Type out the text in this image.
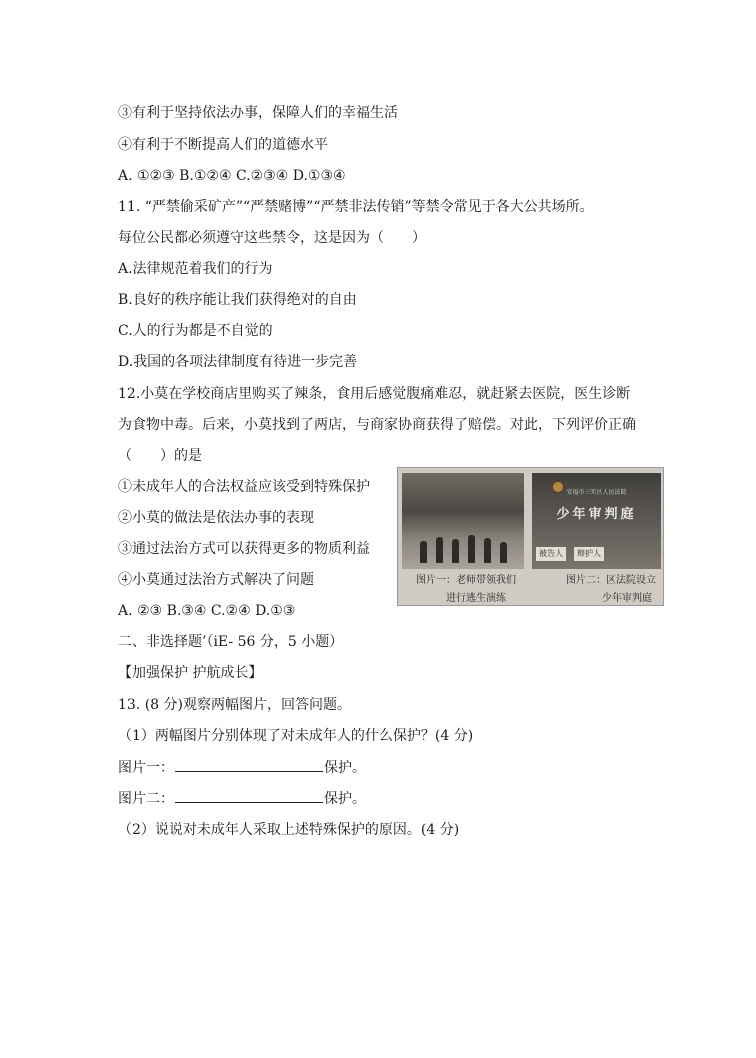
③有利于坚持依法办事，保障人们的幸福生活
④有利于不断提高人们的道德水平
A. ①②③ B.①②④ C.②③④ D.①③④
11. “严禁偷采矿产”“严禁赌博”“严禁非法传销”等禁令常见于各大公共场所。
每位公民都必须遵守这些禁令，这是因为（　　）
A.法律规范着我们的行为
B.良好的秩序能让我们获得绝对的自由
C.人的行为都是不自觉的
D.我国的各项法律制度有待进一步完善
12.小莫在学校商店里购买了辣条，食用后感觉腹痛难忍，就赶紧去医院，医生诊断
为食物中毒。后来，小莫找到了两店，与商家协商获得了赔偿。对此，下列评价正确
（　　）的是
①未成年人的合法权益应该受到特殊保护
②小莫的做法是依法办事的表现
③通过法治方式可以获得更多的物质利益
④小莫通过法治方式解决了问题
A. ②③ B.③④ C.②④ D.①③
二、非选择题’（iE- 56 分，5 小题）
【加强保护 护航成长】
13. (8 分)观察两幅图片，回答问题。
（1）两幅图片分别体现了对未成年人的什么保护？(4 分)
图片一：	保护。
图片二：	保护。
（2）说说对未成年人采取上述特殊保护的原因。(4 分)
安福市三实区人民法院
少年审判庭
被告人	辩护人
图片一：老师带领我们
进行逃生演练
图片二：区法院设立
少年审判庭
